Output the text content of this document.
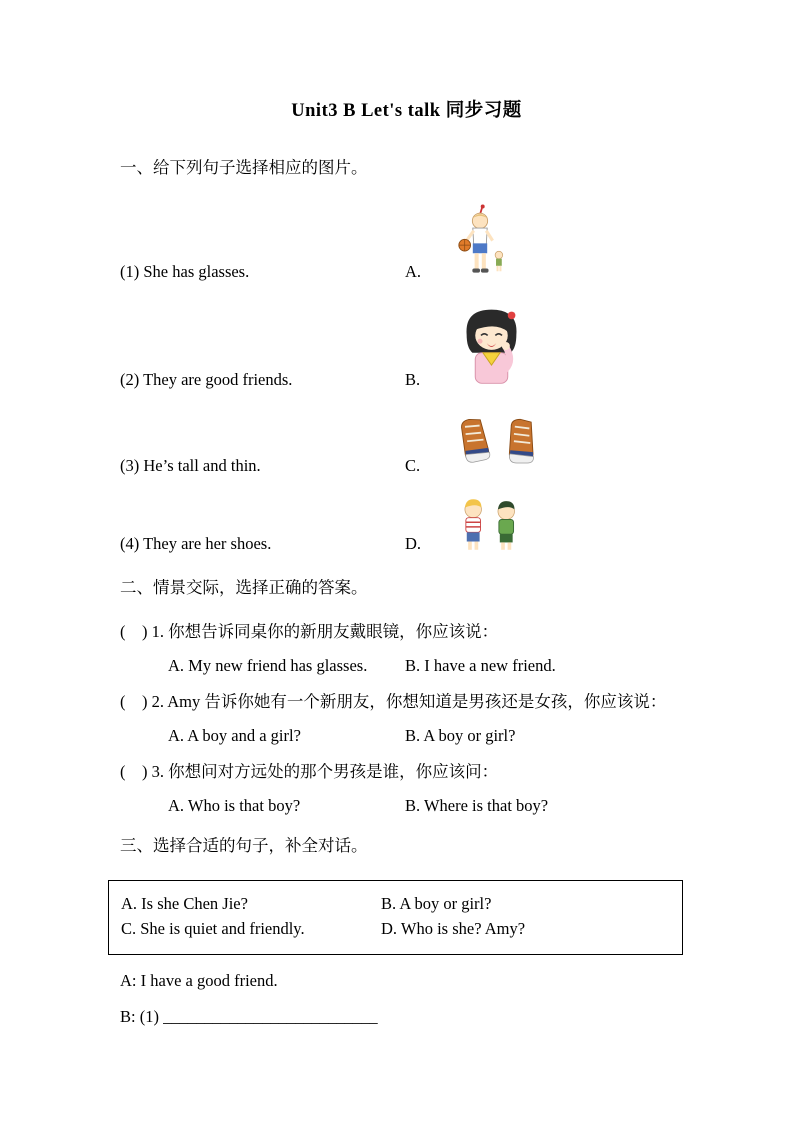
Unit3 B Let's talk 同步习题
一、给下列句子选择相应的图片。
(1) She has glasses.	A.
(2) They are good friends.	B.
(3) He’s tall and thin.	C.
(4) They are her shoes.	D.
二、情景交际，选择正确的答案。
(　) 1. 你想告诉同桌你的新朋友戴眼镜，你应该说：
A. My new friend has glasses.	B. I have a new friend.
(　) 2. Amy 告诉你她有一个新朋友，你想知道是男孩还是女孩，你应该说：
A. A boy and a girl?	B. A boy or girl?
(　) 3. 你想问对方远处的那个男孩是谁，你应该问：
A. Who is that boy?	B. Where is that boy?
三、选择合适的句子，补全对话。
A. Is she Chen Jie?	B. A boy or girl?
C. She is quiet and friendly.	D. Who is she? Amy?
A: I have a good friend.
B: (1) __________________________
